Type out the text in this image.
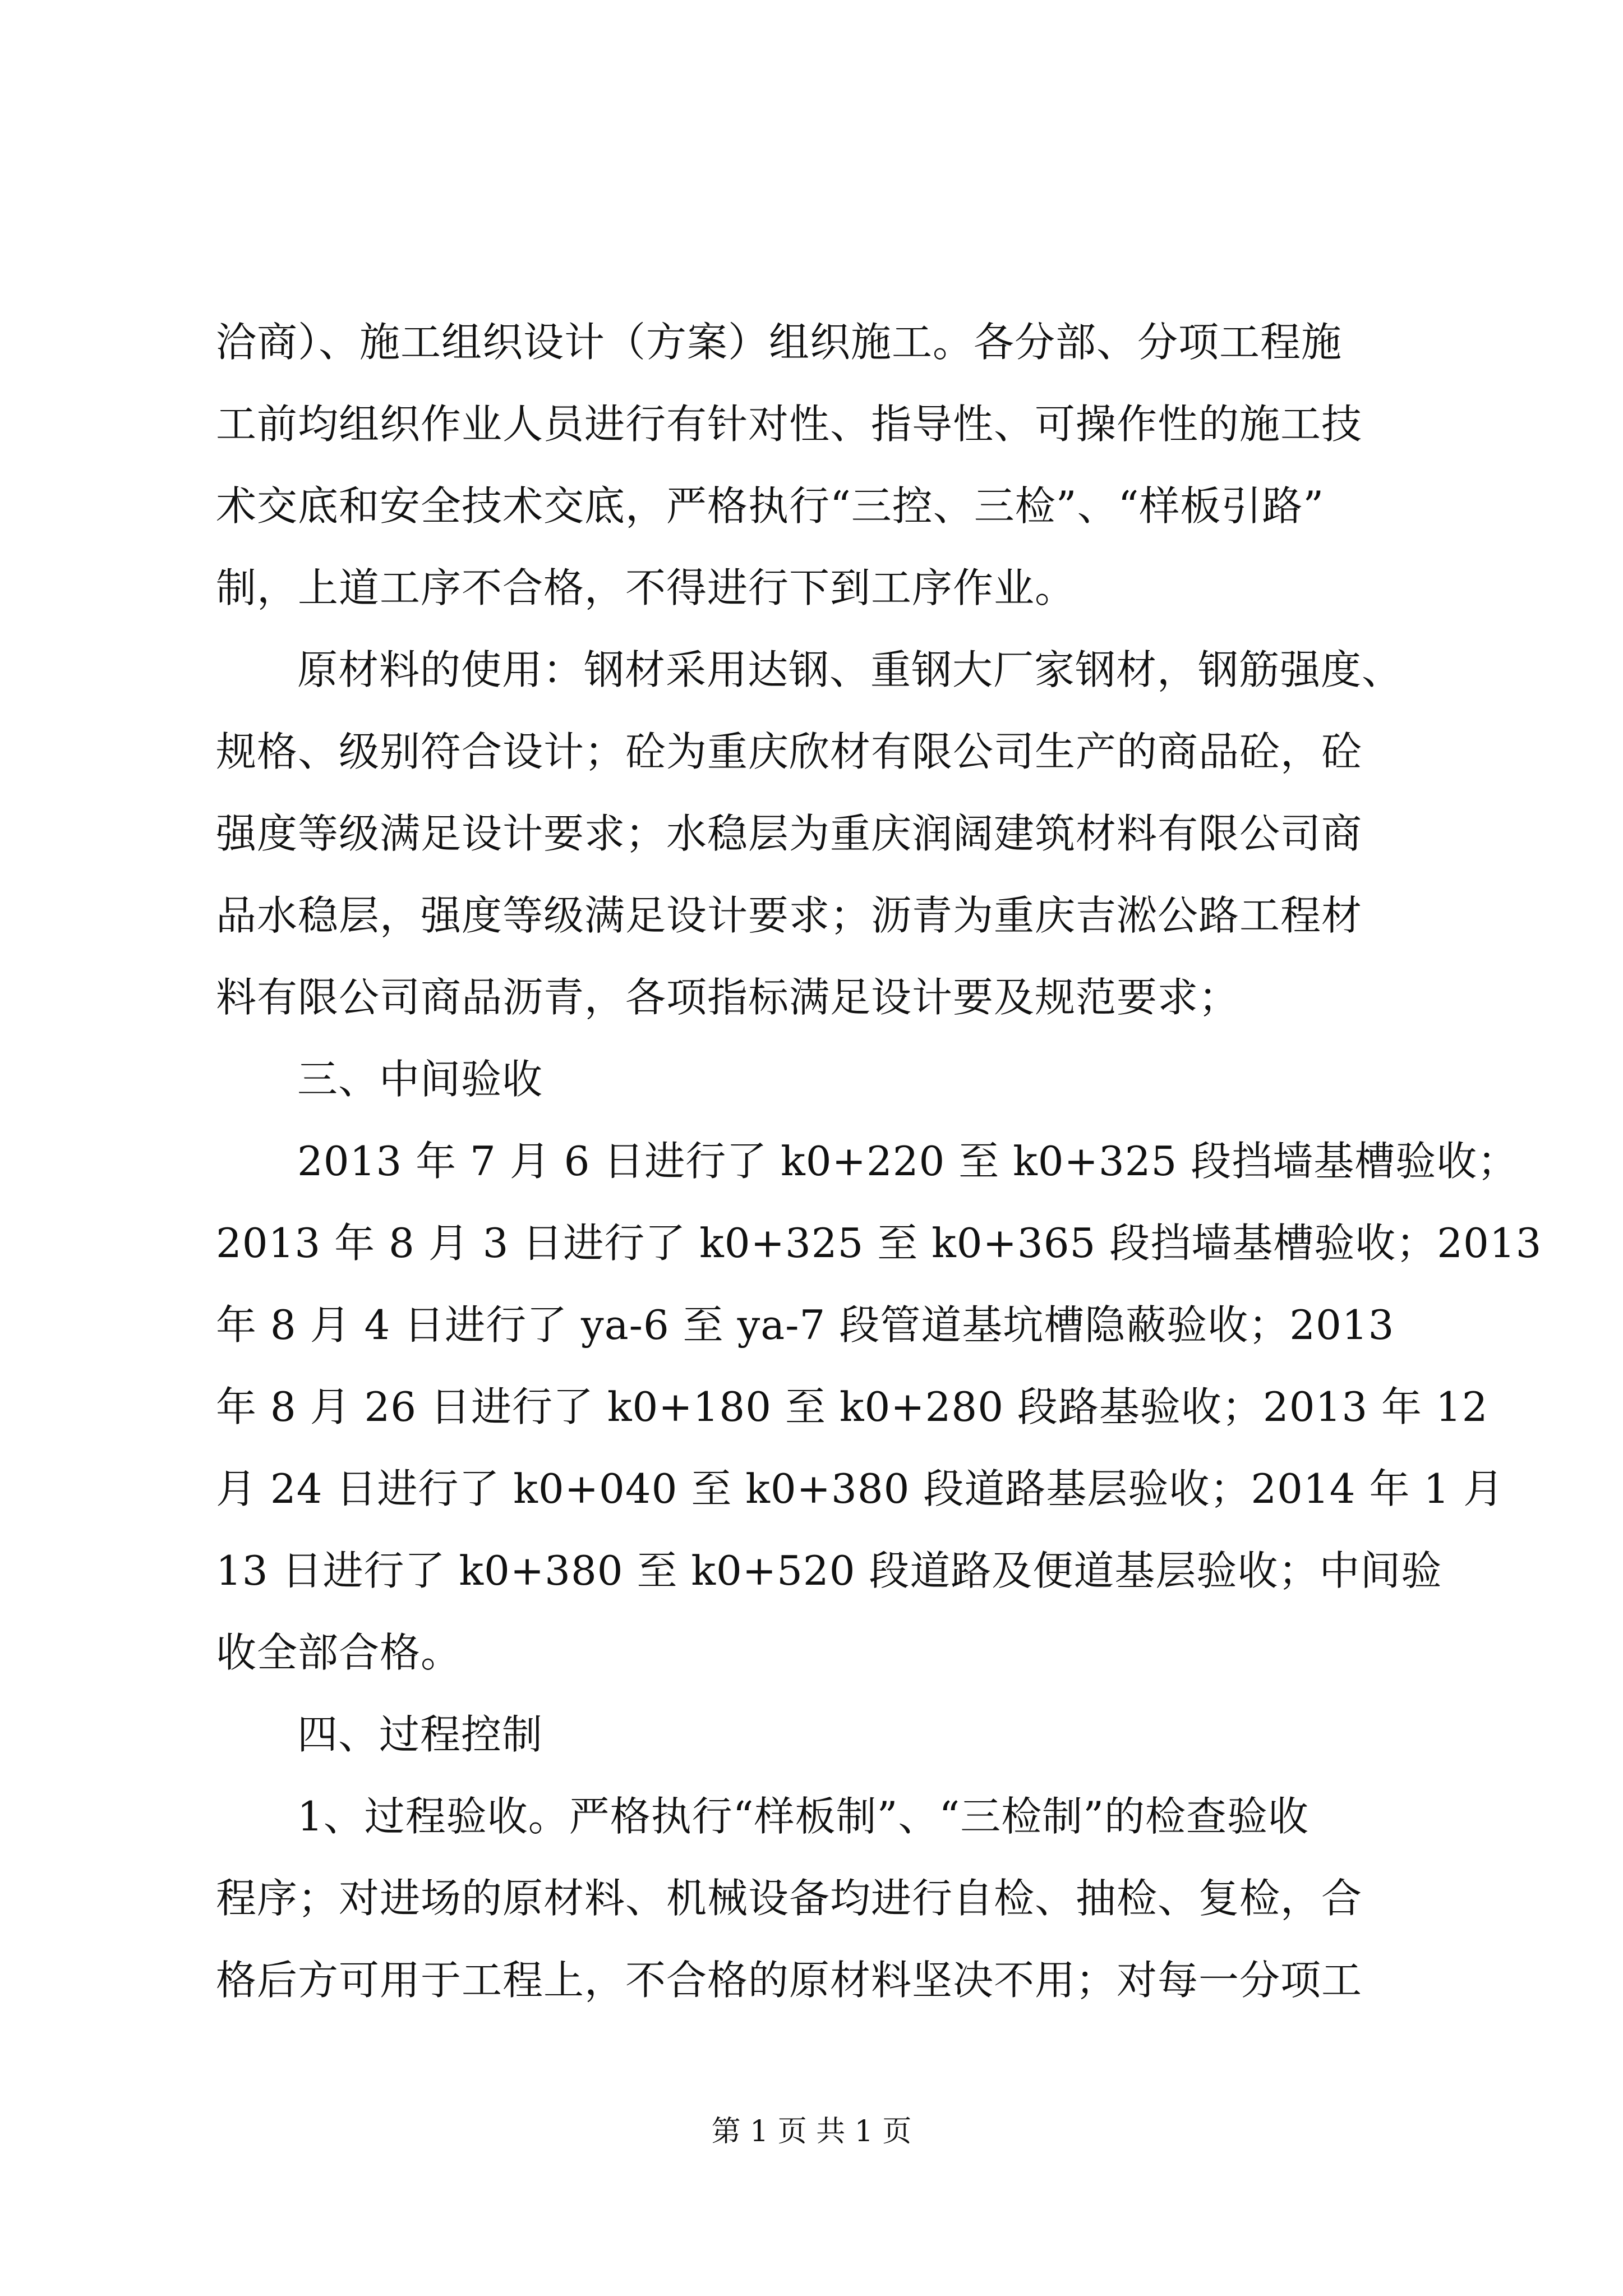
洽商）、施工组织设计（方案）组织施工。各分部、分项工程施
工前均组织作业人员进行有针对性、指导性、可操作性的施工技
术交底和安全技术交底，严格执行“三控、三检”、“样板引路”
制，上道工序不合格，不得进行下到工序作业。
原材料的使用：钢材采用达钢、重钢大厂家钢材，钢筋强度、
规格、级别符合设计；砼为重庆欣材有限公司生产的商品砼，砼
强度等级满足设计要求；水稳层为重庆润阔建筑材料有限公司商
品水稳层，强度等级满足设计要求；沥青为重庆吉淞公路工程材
料有限公司商品沥青，各项指标满足设计要及规范要求；
三、中间验收
2013 年 7 月 6 日进行了 k0+220 至 k0+325 段挡墙基槽验收；
2013 年 8 月 3 日进行了 k0+325 至 k0+365 段挡墙基槽验收；2013
年 8 月 4 日进行了 ya-6 至 ya-7 段管道基坑槽隐蔽验收；2013
年 8 月 26 日进行了 k0+180 至 k0+280 段路基验收；2013 年 12
月 24 日进行了 k0+040 至 k0+380 段道路基层验收；2014 年 1 月
13 日进行了 k0+380 至 k0+520 段道路及便道基层验收；中间验
收全部合格。
四、过程控制
1、过程验收。严格执行“样板制”、“三检制”的检查验收
程序；对进场的原材料、机械设备均进行自检、抽检、复检，合
格后方可用于工程上，不合格的原材料坚决不用；对每一分项工
第 1 页 共 1 页
